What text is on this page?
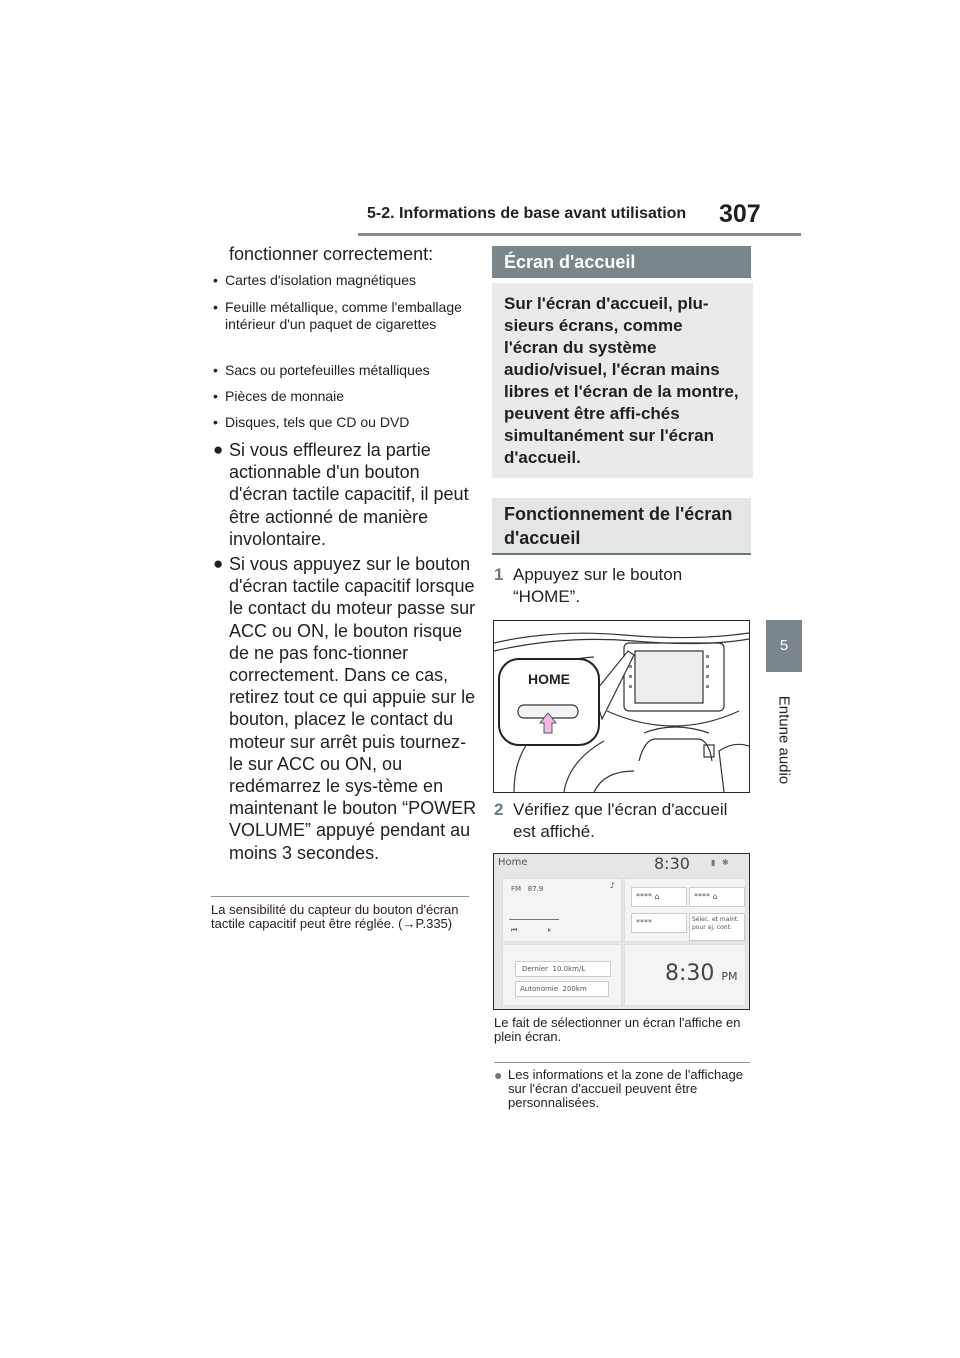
5-2. Informations de base avant utilisation 307
5
Entune audio
fonctionner correctement:
• Cartes d'isolation magnétiques
• Feuille métallique, comme l'emballage intérieur d'un paquet de cigarettes
• Sacs ou portefeuilles métalliques
• Pièces de monnaie
• Disques, tels que CD ou DVD
● Si vous effleurez la partie actionnable d'un bouton d'écran tactile capacitif, il peut être actionné de manière involontaire.
● Si vous appuyez sur le bouton d'écran tactile capacitif lorsque le contact du moteur passe sur ACC ou ON, le bouton risque de ne pas fonc-tionner correctement. Dans ce cas, retirez tout ce qui appuie sur le bouton, placez le contact du moteur sur arrêt puis tournez-le sur ACC ou ON, ou redémarrez le sys-tème en maintenant le bouton “POWER VOLUME” appuyé pendant au moins 3 secondes.
La sensibilité du capteur du bouton d'écran tactile capacitif peut être réglée. (→P.335)
Écran d'accueil
Sur l'écran d'accueil, plu-sieurs écrans, comme l'écran du système audio/visuel, l'écran mains libres et l'écran de la montre, peuvent être affi-chés simultanément sur l'écran d'accueil.
Fonctionnement de l'écran d'accueil
1 Appuyez sur le bouton “HOME”.
HOME
2 Vérifiez que l'écran d'accueil est affiché.
Home	8:30	▮ ✱
FM 87.9	♪
⏮ ⏸
**** ⌂	**** ⌂
****	Sélec. et maint.
pour aj. cont.
Dernier 10.0km/L
Autonomie 200km
8:30 PM
Le fait de sélectionner un écran l'affiche en plein écran.
● Les informations et la zone de l'affichage sur l'écran d'accueil peuvent être personnalisées.
